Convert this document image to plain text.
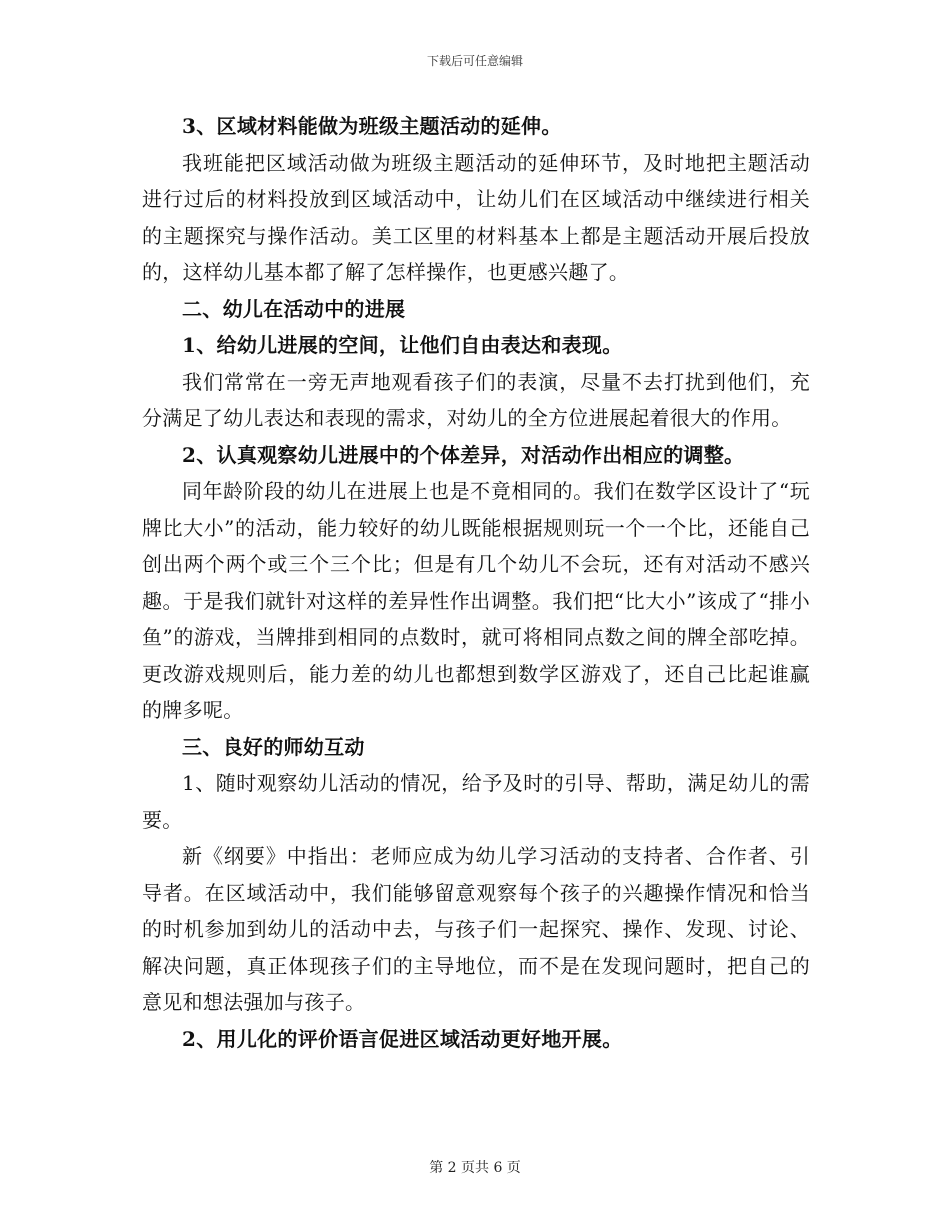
下载后可任意编辑

3、区域材料能做为班级主题活动的延伸。

我班能把区域活动做为班级主题活动的延伸环节，及时地把主题活动进行过后的材料投放到区域活动中，让幼儿们在区域活动中继续进行相关的主题探究与操作活动。美工区里的材料基本上都是主题活动开展后投放的，这样幼儿基本都了解了怎样操作，也更感兴趣了。

二、幼儿在活动中的进展

1、给幼儿进展的空间，让他们自由表达和表现。

我们常常在一旁无声地观看孩子们的表演，尽量不去打扰到他们，充分满足了幼儿表达和表现的需求，对幼儿的全方位进展起着很大的作用。

2、认真观察幼儿进展中的个体差异，对活动作出相应的调整。

同年龄阶段的幼儿在进展上也是不竟相同的。我们在数学区设计了“玩牌比大小”的活动，能力较好的幼儿既能根据规则玩一个一个比，还能自己创出两个两个或三个三个比；但是有几个幼儿不会玩，还有对活动不感兴趣。于是我们就针对这样的差异性作出调整。我们把“比大小”该成了“排小鱼”的游戏，当牌排到相同的点数时，就可将相同点数之间的牌全部吃掉。更改游戏规则后，能力差的幼儿也都想到数学区游戏了，还自己比起谁赢的牌多呢。

三、良好的师幼互动

1、随时观察幼儿活动的情况，给予及时的引导、帮助，满足幼儿的需要。

新《纲要》中指出：老师应成为幼儿学习活动的支持者、合作者、引导者。在区域活动中，我们能够留意观察每个孩子的兴趣操作情况和恰当的时机参加到幼儿的活动中去，与孩子们一起探究、操作、发现、讨论、解决问题，真正体现孩子们的主导地位，而不是在发现问题时，把自己的意见和想法强加与孩子。

2、用儿化的评价语言促进区域活动更好地开展。

第 2 页共 6 页
